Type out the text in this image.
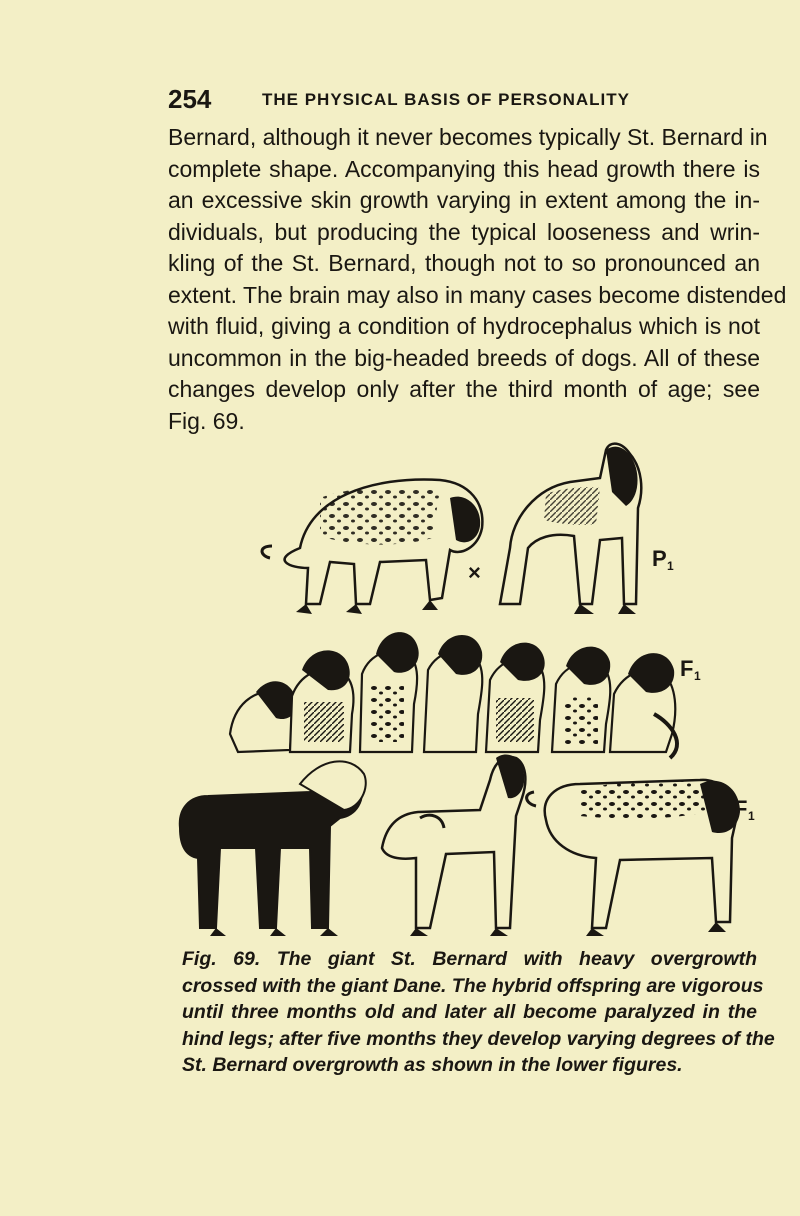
254	THE PHYSICAL BASIS OF PERSONALITY
Bernard, although it never becomes typically St. Bernard in
complete shape. Accompanying this head growth there is
an excessive skin growth varying in extent among the in-
dividuals, but producing the typical looseness and wrin-
kling of the St. Bernard, though not to so pronounced an
extent. The brain may also in many cases become distended
with fluid, giving a condition of hydrocephalus which is not
uncommon in the big-headed breeds of dogs. All of these
changes develop only after the third month of age; see
Fig. 69.
×
P 1
F 1
F 1
Fig. 69. The giant St. Bernard with heavy overgrowth
crossed with the giant Dane. The hybrid offspring are vigorous
until three months old and later all become paralyzed in the
hind legs; after five months they develop varying degrees of the
St. Bernard overgrowth as shown in the lower figures.
